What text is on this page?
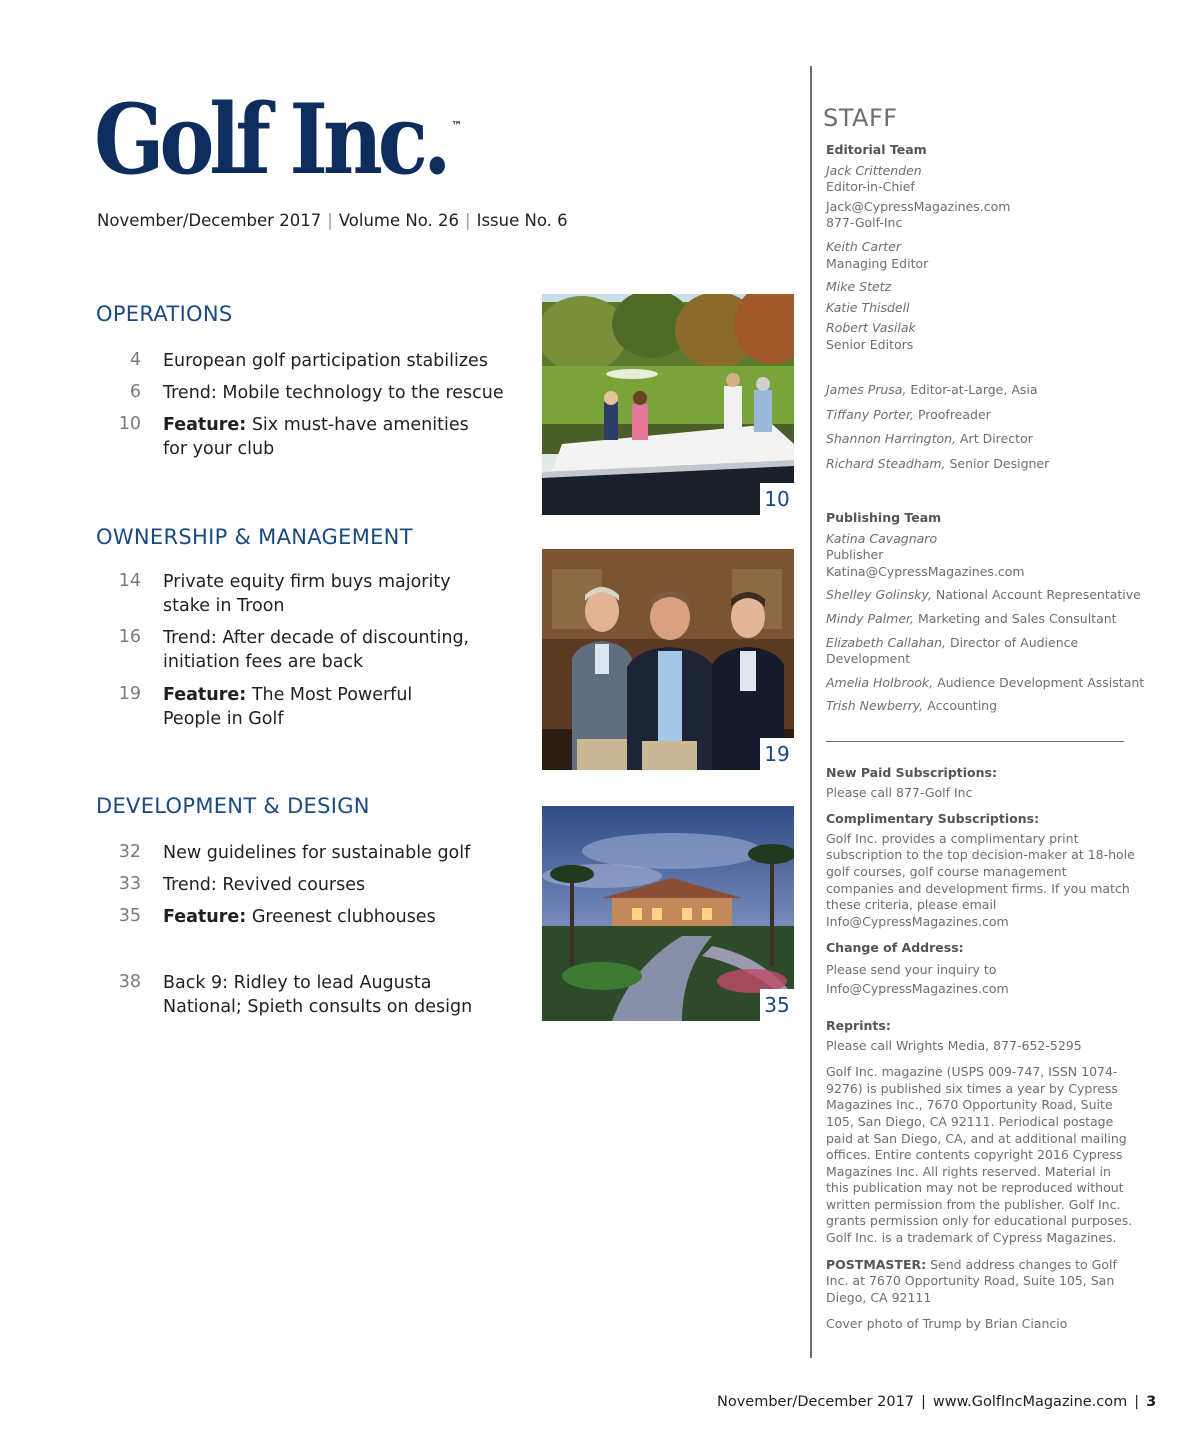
Golf Inc. ™
November/December 2017 | Volume No. 26 | Issue No. 6
OPERATIONS
4 European golf participation stabilizes
6 Trend: Mobile technology to the rescue
10 Feature: Six must-have amenities for your club
10
OWNERSHIP & MANAGEMENT
14 Private equity firm buys majority stake in Troon
16 Trend: After decade of discounting, initiation fees are back
19 Feature: The Most Powerful People in Golf
19
DEVELOPMENT & DESIGN
32 New guidelines for sustainable golf
33 Trend: Revived courses
35 Feature: Greenest clubhouses
38 Back 9: Ridley to lead Augusta National; Spieth consults on design	35
STAFF
Editorial Team
Jack Crittenden
Editor-in-Chief
Jack@CypressMagazines.com
877-Golf-Inc
Keith Carter
Managing Editor
Mike Stetz
Katie Thisdell
Robert Vasilak
Senior Editors
James Prusa, Editor-at-Large, Asia
Tiffany Porter, Proofreader
Shannon Harrington, Art Director
Richard Steadham, Senior Designer
Publishing Team
Katina Cavagnaro
Publisher
Katina@CypressMagazines.com
Shelley Golinsky, National Account Representative
Mindy Palmer, Marketing and Sales Consultant
Elizabeth Callahan, Director of Audience Development
Amelia Holbrook, Audience Development Assistant
Trish Newberry, Accounting
New Paid Subscriptions:
Please call 877-Golf Inc
Complimentary Subscriptions:
Golf Inc. provides a complimentary print subscription to the top decision-maker at 18-hole golf courses, golf course management companies and development firms. If you match these criteria, please email Info@CypressMagazines.com
Change of Address:
Please send your inquiry to Info@CypressMagazines.com
Reprints:
Please call Wrights Media, 877-652-5295
Golf Inc. magazine (USPS 009-747, ISSN 1074-9276) is published six times a year by Cypress Magazines Inc., 7670 Opportunity Road, Suite 105, San Diego, CA 92111. Periodical postage paid at San Diego, CA, and at additional mailing offices. Entire contents copyright 2016 Cypress Magazines Inc. All rights reserved. Material in this publication may not be reproduced without written permission from the publisher. Golf Inc. grants permission only for educational purposes. Golf Inc. is a trademark of Cypress Magazines.
POSTMASTER: Send address changes to Golf Inc. at 7670 Opportunity Road, Suite 105, San Diego, CA 92111
Cover photo of Trump by Brian Ciancio
November/December 2017 | www.GolfIncMagazine.com | 3
